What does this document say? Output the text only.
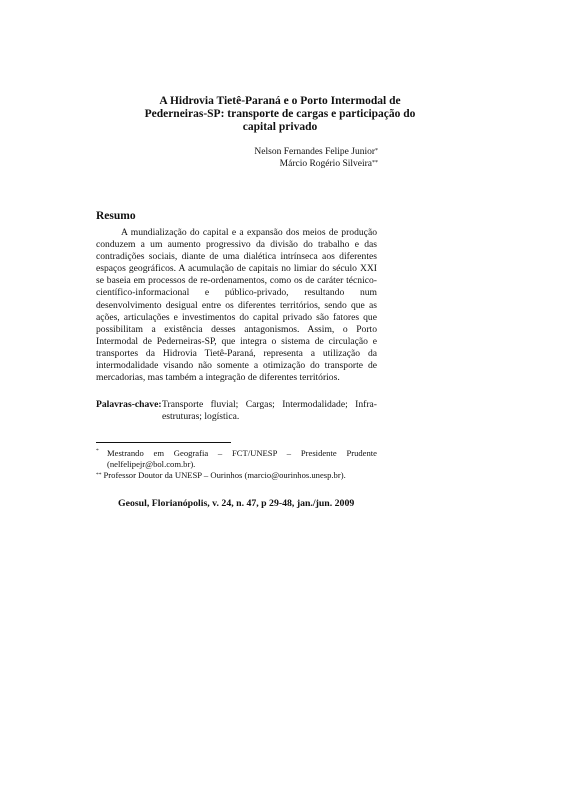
A Hidrovia Tietê-Paraná e o Porto Intermodal de
Pederneiras-SP: transporte de cargas e participação do
capital privado
Nelson Fernandes Felipe Junior*
Márcio Rogério Silveira**
Resumo

A mundialização do capital e a expansão dos meios de produção conduzem a um aumento progressivo da divisão do trabalho e das contradições sociais, diante de uma dialética intrínseca aos diferentes espaços geográficos. A acumulação de capitais no limiar do século XXI se baseia em processos de re-ordenamentos, como os de caráter técnico-científico-informacional e público-privado, resultando num desenvolvimento desigual entre os diferentes territórios, sendo que as ações, articulações e investimentos do capital privado são fatores que possibilitam a existência desses antagonismos. Assim, o Porto Intermodal de Pederneiras-SP, que integra o sistema de circulação e transportes da Hidrovia Tietê-Paraná, representa a utilização da intermodalidade visando não somente a otimização do transporte de mercadorias, mas também a integração de diferentes territórios.

Palavras-chave: Transporte fluvial; Cargas; Intermodalidade; Infra-estruturas; logística.
* Mestrando em Geografia – FCT/UNESP – Presidente Prudente (nelfelipejr@bol.com.br).
** Professor Doutor da UNESP – Ourinhos (marcio@ourinhos.unesp.br).
Geosul, Florianópolis, v. 24, n. 47, p 29-48, jan./jun. 2009
